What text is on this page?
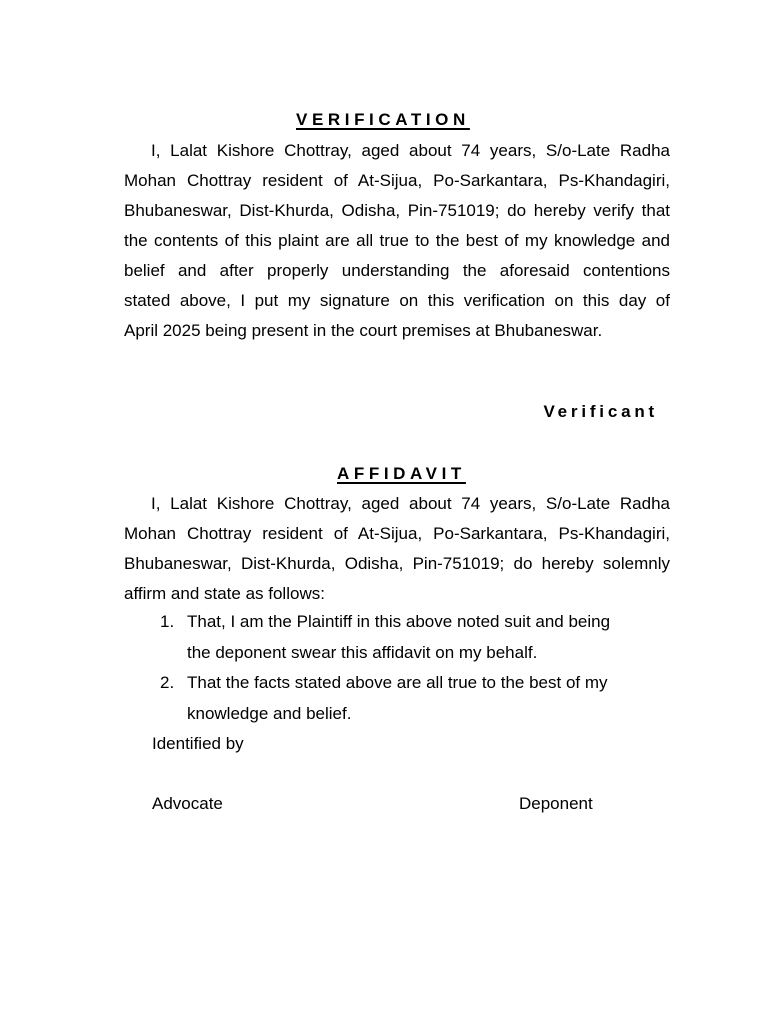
VERIFICATION
I, Lalat Kishore Chottray, aged about 74 years, S/o-Late Radha
Mohan Chottray resident of At-Sijua, Po-Sarkantara, Ps-Khandagiri,
Bhubaneswar, Dist-Khurda, Odisha, Pin-751019; do hereby verify that
the contents of this plaint are all true to the best of my knowledge and
belief and after properly understanding the aforesaid contentions
stated above, I put my signature on this verification on this day of
April 2025 being present in the court premises at Bhubaneswar.
Verificant
AFFIDAVIT
I, Lalat Kishore Chottray, aged about 74 years, S/o-Late Radha
Mohan Chottray resident of At-Sijua, Po-Sarkantara, Ps-Khandagiri,
Bhubaneswar, Dist-Khurda, Odisha, Pin-751019; do hereby solemnly
affirm and state as follows:
1. That, I am the Plaintiff in this above noted suit and being
the deponent swear this affidavit on my behalf.
2. That the facts stated above are all true to the best of my
knowledge and belief.
Identified by
Advocate	Deponent
